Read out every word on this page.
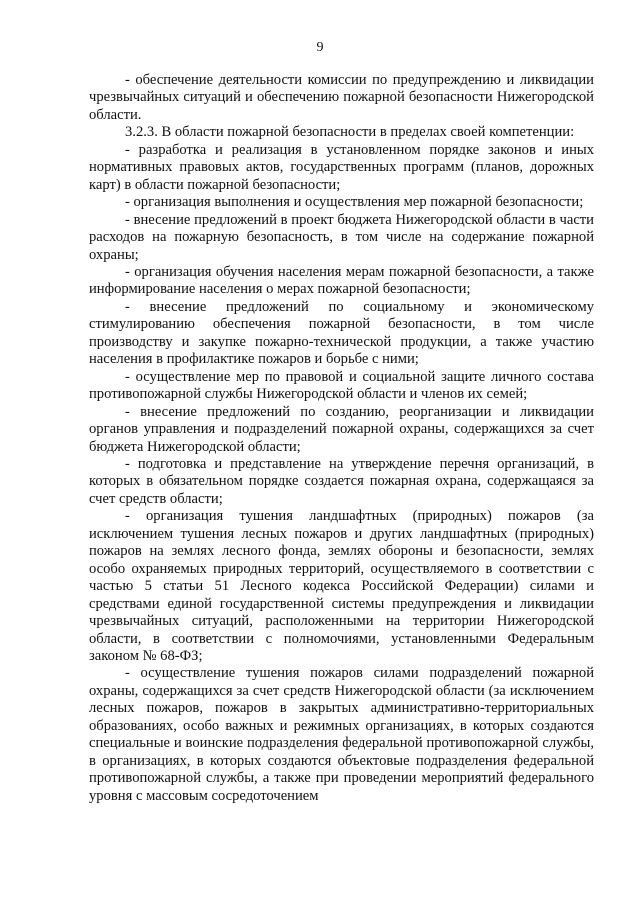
9

- обеспечение деятельности комиссии по предупреждению и ликвидации чрезвычайных ситуаций и обеспечению пожарной безопасности Нижегородской области.

3.2.3. В области пожарной безопасности в пределах своей компетенции:

- разработка и реализация в установленном порядке законов и иных нормативных правовых актов, государственных программ (планов, дорожных карт) в области пожарной безопасности;

- организация выполнения и осуществления мер пожарной безопасности;

- внесение предложений в проект бюджета Нижегородской области в части расходов на пожарную безопасность, в том числе на содержание пожарной охраны;

- организация обучения населения мерам пожарной безопасности, а также информирование населения о мерах пожарной безопасности;

- внесение предложений по социальному и экономическому стимулированию обеспечения пожарной безопасности, в том числе производству и закупке пожарно-технической продукции, а также участию населения в профилактике пожаров и борьбе с ними;

- осуществление мер по правовой и социальной защите личного состава противопожарной службы Нижегородской области и членов их семей;

- внесение предложений по созданию, реорганизации и ликвидации органов управления и подразделений пожарной охраны, содержащихся за счет бюджета Нижегородской области;

- подготовка и представление на утверждение перечня организаций, в которых в обязательном порядке создается пожарная охрана, содержащаяся за счет средств области;

- организация тушения ландшафтных (природных) пожаров (за исключением тушения лесных пожаров и других ландшафтных (природных) пожаров на землях лесного фонда, землях обороны и безопасности, землях особо охраняемых природных территорий, осуществляемого в соответствии с частью 5 статьи 51 Лесного кодекса Российской Федерации) силами и средствами единой государственной системы предупреждения и ликвидации чрезвычайных ситуаций, расположенными на территории Нижегородской области, в соответствии с полномочиями, установленными Федеральным законом № 68-ФЗ;

- осуществление тушения пожаров силами подразделений пожарной охраны, содержащихся за счет средств Нижегородской области (за исключением лесных пожаров, пожаров в закрытых административно-территориальных образованиях, особо важных и режимных организациях, в которых создаются специальные и воинские подразделения федеральной противопожарной службы, в организациях, в которых создаются объектовые подразделения федеральной противопожарной службы, а также при проведении мероприятий федерального уровня с массовым сосредоточением
